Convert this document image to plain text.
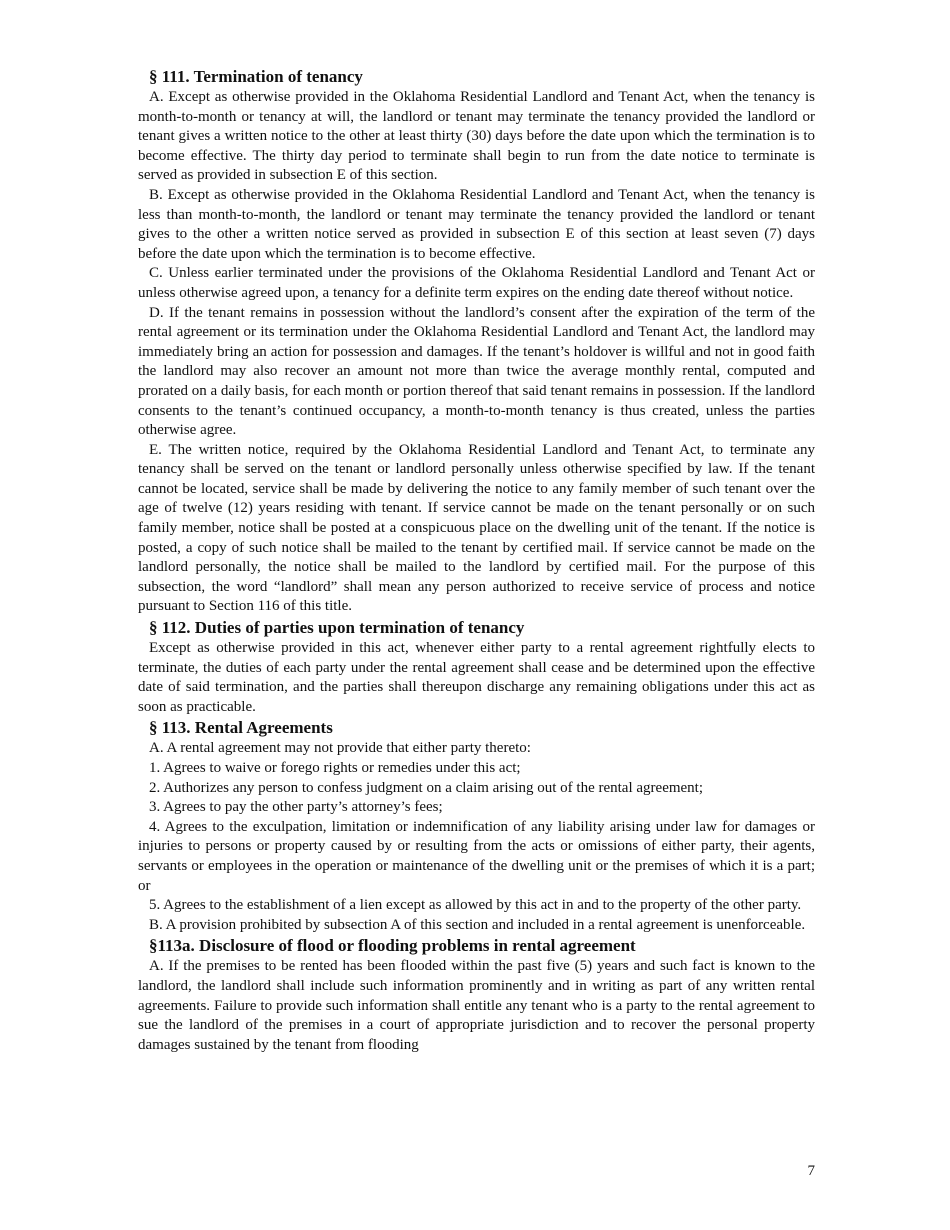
§ 111. Termination of tenancy

A. Except as otherwise provided in the Oklahoma Residential Landlord and Tenant Act, when the tenancy is month-to-month or tenancy at will, the landlord or tenant may terminate the tenancy provided the landlord or tenant gives a written notice to the other at least thirty (30) days before the date upon which the termination is to become effective. The thirty day period to terminate shall begin to run from the date notice to terminate is served as provided in subsection E of this section.

B. Except as otherwise provided in the Oklahoma Residential Landlord and Tenant Act, when the tenancy is less than month-to-month, the landlord or tenant may terminate the tenancy provided the landlord or tenant gives to the other a written notice served as provided in subsection E of this section at least seven (7) days before the date upon which the termination is to become effective.

C. Unless earlier terminated under the provisions of the Oklahoma Residential Landlord and Tenant Act or unless otherwise agreed upon, a tenancy for a definite term expires on the ending date thereof without notice.

D. If the tenant remains in possession without the landlord’s consent after the expiration of the term of the rental agreement or its termination under the Oklahoma Residential Landlord and Tenant Act, the landlord may immediately bring an action for possession and damages. If the tenant’s holdover is willful and not in good faith the landlord may also recover an amount not more than twice the average monthly rental, computed and prorated on a daily basis, for each month or portion thereof that said tenant remains in possession. If the landlord consents to the tenant’s continued occupancy, a month-to-month tenancy is thus created, unless the parties otherwise agree.

E. The written notice, required by the Oklahoma Residential Landlord and Tenant Act, to terminate any tenancy shall be served on the tenant or landlord personally unless otherwise specified by law. If the tenant cannot be located, service shall be made by delivering the notice to any family member of such tenant over the age of twelve (12) years residing with tenant. If service cannot be made on the tenant personally or on such family member, notice shall be posted at a conspicuous place on the dwelling unit of the tenant. If the notice is posted, a copy of such notice shall be mailed to the tenant by certified mail. If service cannot be made on the landlord personally, the notice shall be mailed to the landlord by certified mail. For the purpose of this subsection, the word “landlord” shall mean any person authorized to receive service of process and notice pursuant to Section 116 of this title.

§ 112. Duties of parties upon termination of tenancy

Except as otherwise provided in this act, whenever either party to a rental agreement rightfully elects to terminate, the duties of each party under the rental agreement shall cease and be determined upon the effective date of said termination, and the parties shall thereupon discharge any remaining obligations under this act as soon as practicable.

§ 113. Rental Agreements

A. A rental agreement may not provide that either party thereto:

1. Agrees to waive or forego rights or remedies under this act;

2. Authorizes any person to confess judgment on a claim arising out of the rental agreement;

3. Agrees to pay the other party’s attorney’s fees;

4. Agrees to the exculpation, limitation or indemnification of any liability arising under law for damages or injuries to persons or property caused by or resulting from the acts or omissions of either party, their agents, servants or employees in the operation or maintenance of the dwelling unit or the premises of which it is a part; or

5. Agrees to the establishment of a lien except as allowed by this act in and to the property of the other party.

B. A provision prohibited by subsection A of this section and included in a rental agreement is unenforceable.

§113a. Disclosure of flood or flooding problems in rental agreement

A. If the premises to be rented has been flooded within the past five (5) years and such fact is known to the landlord, the landlord shall include such information prominently and in writing as part of any written rental agreements. Failure to provide such information shall entitle any tenant who is a party to the rental agreement to sue the landlord of the premises in a court of appropriate jurisdiction and to recover the personal property damages sustained by the tenant from flooding

7
